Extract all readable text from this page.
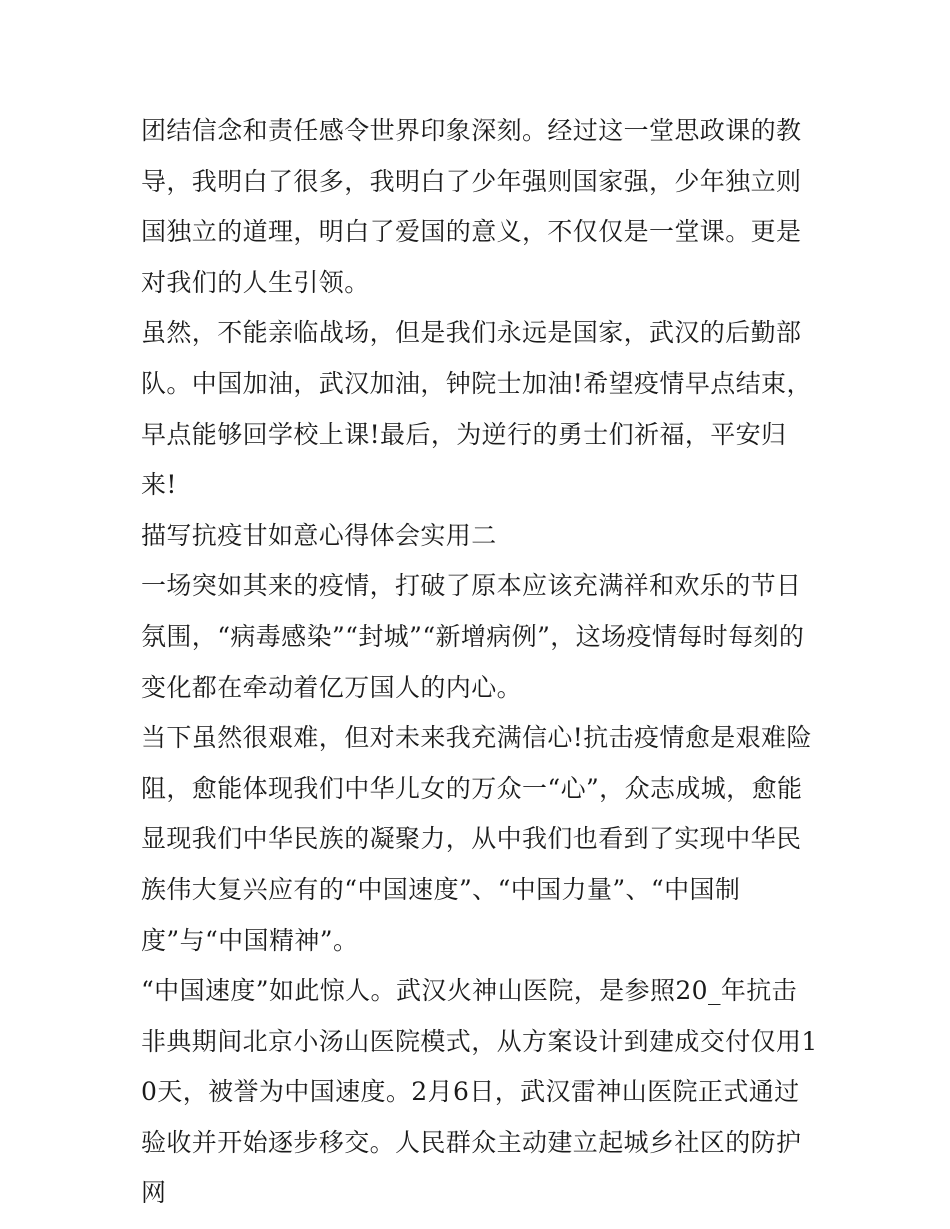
团结信念和责任感令世界印象深刻。经过这一堂思政课的教导，我明白了很多，我明白了少年强则国家强，少年独立则国独立的道理，明白了爱国的意义，不仅仅是一堂课。更是对我们的人生引领。

虽然，不能亲临战场，但是我们永远是国家，武汉的后勤部队。中国加油，武汉加油，钟院士加油!希望疫情早点结束，早点能够回学校上课!最后，为逆行的勇士们祈福，平安归来!

描写抗疫甘如意心得体会实用二

一场突如其来的疫情，打破了原本应该充满祥和欢乐的节日氛围，“病毒感染”“封城”“新增病例”，这场疫情每时每刻的变化都在牵动着亿万国人的内心。

当下虽然很艰难，但对未来我充满信心!抗击疫情愈是艰难险阻，愈能体现我们中华儿女的万众一“心”，众志成城，愈能显现我们中华民族的凝聚力，从中我们也看到了实现中华民族伟大复兴应有的“中国速度”、“中国力量”、“中国制度”与“中国精神”。

“中国速度”如此惊人。武汉火神山医院，是参照20_年抗击非典期间北京小汤山医院模式，从方案设计到建成交付仅用10天，被誉为中国速度。2月6日，武汉雷神山医院正式通过验收并开始逐步移交。人民群众主动建立起城乡社区的防护网
